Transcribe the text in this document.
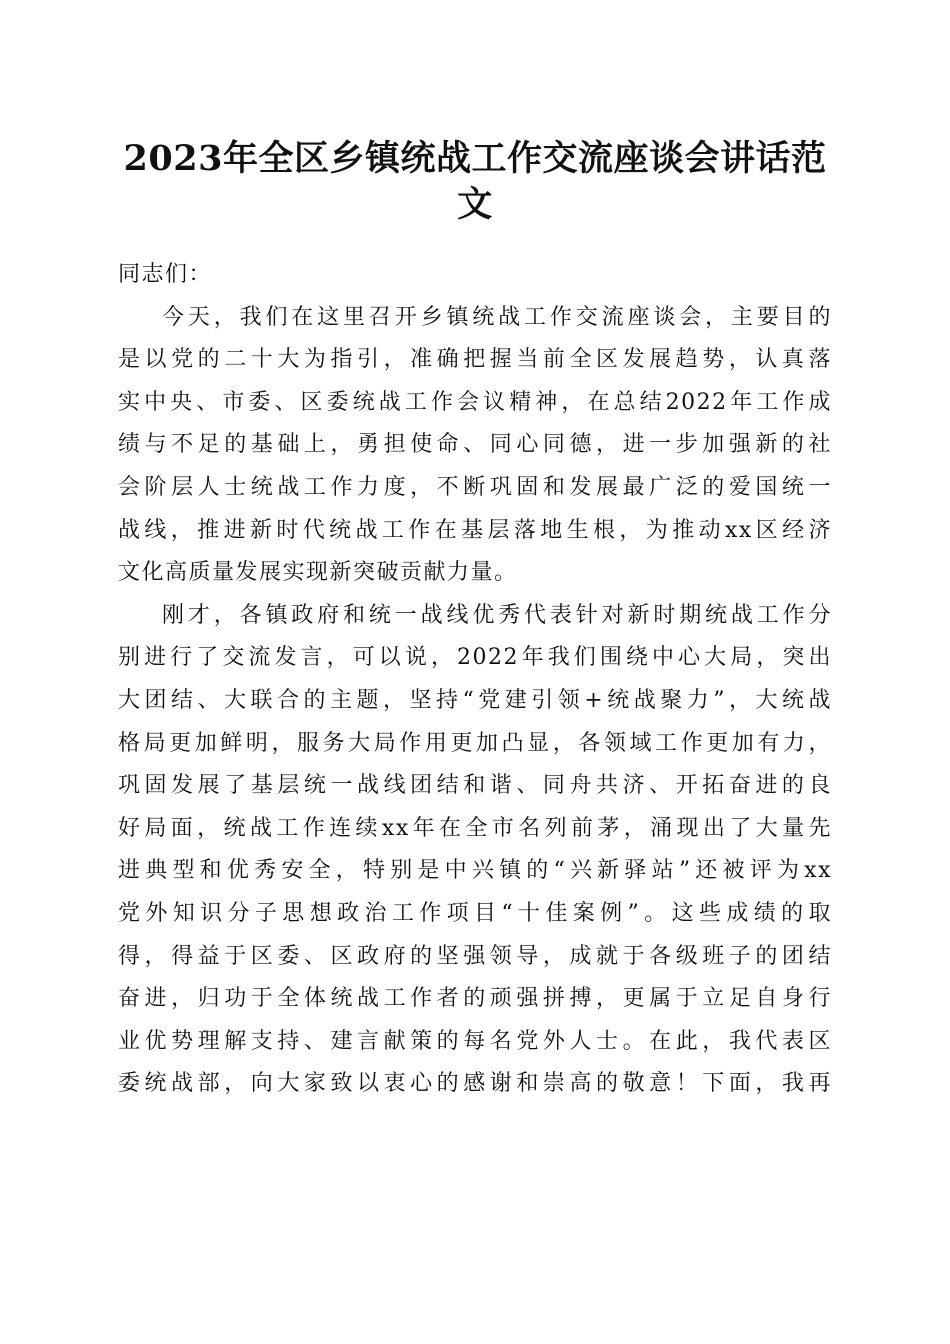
2023年全区乡镇统战工作交流座谈会讲话范
文
同志们：
今天，我们在这里召开乡镇统战工作交流座谈会，主要目的
是以党的二十大为指引，准确把握当前全区发展趋势，认真落
实中央、市委、区委统战工作会议精神，在总结2022年工作成
绩与不足的基础上，勇担使命、同心同德，进一步加强新的社
会阶层人士统战工作力度，不断巩固和发展最广泛的爱国统一
战线，推进新时代统战工作在基层落地生根，为推动xx区经济
文化高质量发展实现新突破贡献力量。
刚才，各镇政府和统一战线优秀代表针对新时期统战工作分
别进行了交流发言，可以说，2022年我们围绕中心大局，突出
大团结、大联合的主题，坚持“党建引领+统战聚力”，大统战
格局更加鲜明，服务大局作用更加凸显，各领域工作更加有力，
巩固发展了基层统一战线团结和谐、同舟共济、开拓奋进的良
好局面，统战工作连续xx年在全市名列前茅，涌现出了大量先
进典型和优秀安全，特别是中兴镇的“兴新驿站”还被评为xx
党外知识分子思想政治工作项目“十佳案例”。这些成绩的取
得，得益于区委、区政府的坚强领导，成就于各级班子的团结
奋进，归功于全体统战工作者的顽强拼搏，更属于立足自身行
业优势理解支持、建言献策的每名党外人士。在此，我代表区
委统战部，向大家致以衷心的感谢和崇高的敬意！下面，我再
